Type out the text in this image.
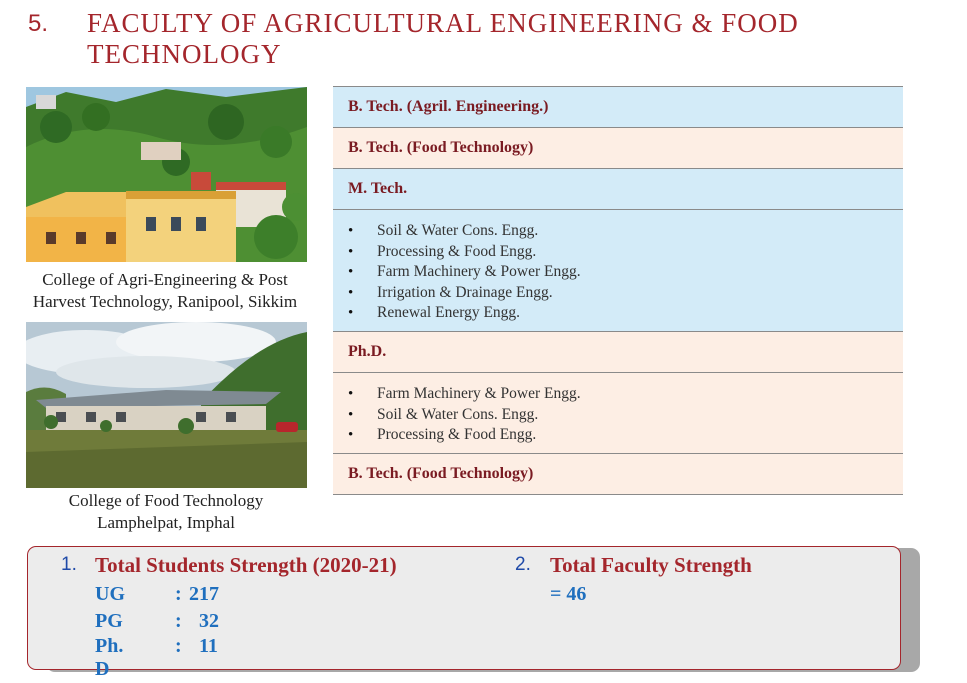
5. FACULTY OF AGRICULTURAL ENGINEERING & FOOD TECHNOLOGY
College of Agri-Engineering & Post Harvest Technology, Ranipool, Sikkim
College of Food Technology Lamphelpat, Imphal
B. Tech. (Agril. Engineering.)
B. Tech. (Food Technology)
M. Tech.
• Soil & Water Cons. Engg.
• Processing & Food Engg.
• Farm Machinery & Power Engg.
• Irrigation & Drainage Engg.
• Renewal Energy Engg.
Ph.D.
• Farm Machinery & Power Engg.
• Soil & Water Cons. Engg.
• Processing & Food Engg.
B. Tech. (Food Technology)
1. Total Students Strength (2020-21)
UG	: 217
PG	: 32
Ph. D
: 11
2. Total Faculty Strength
= 46
